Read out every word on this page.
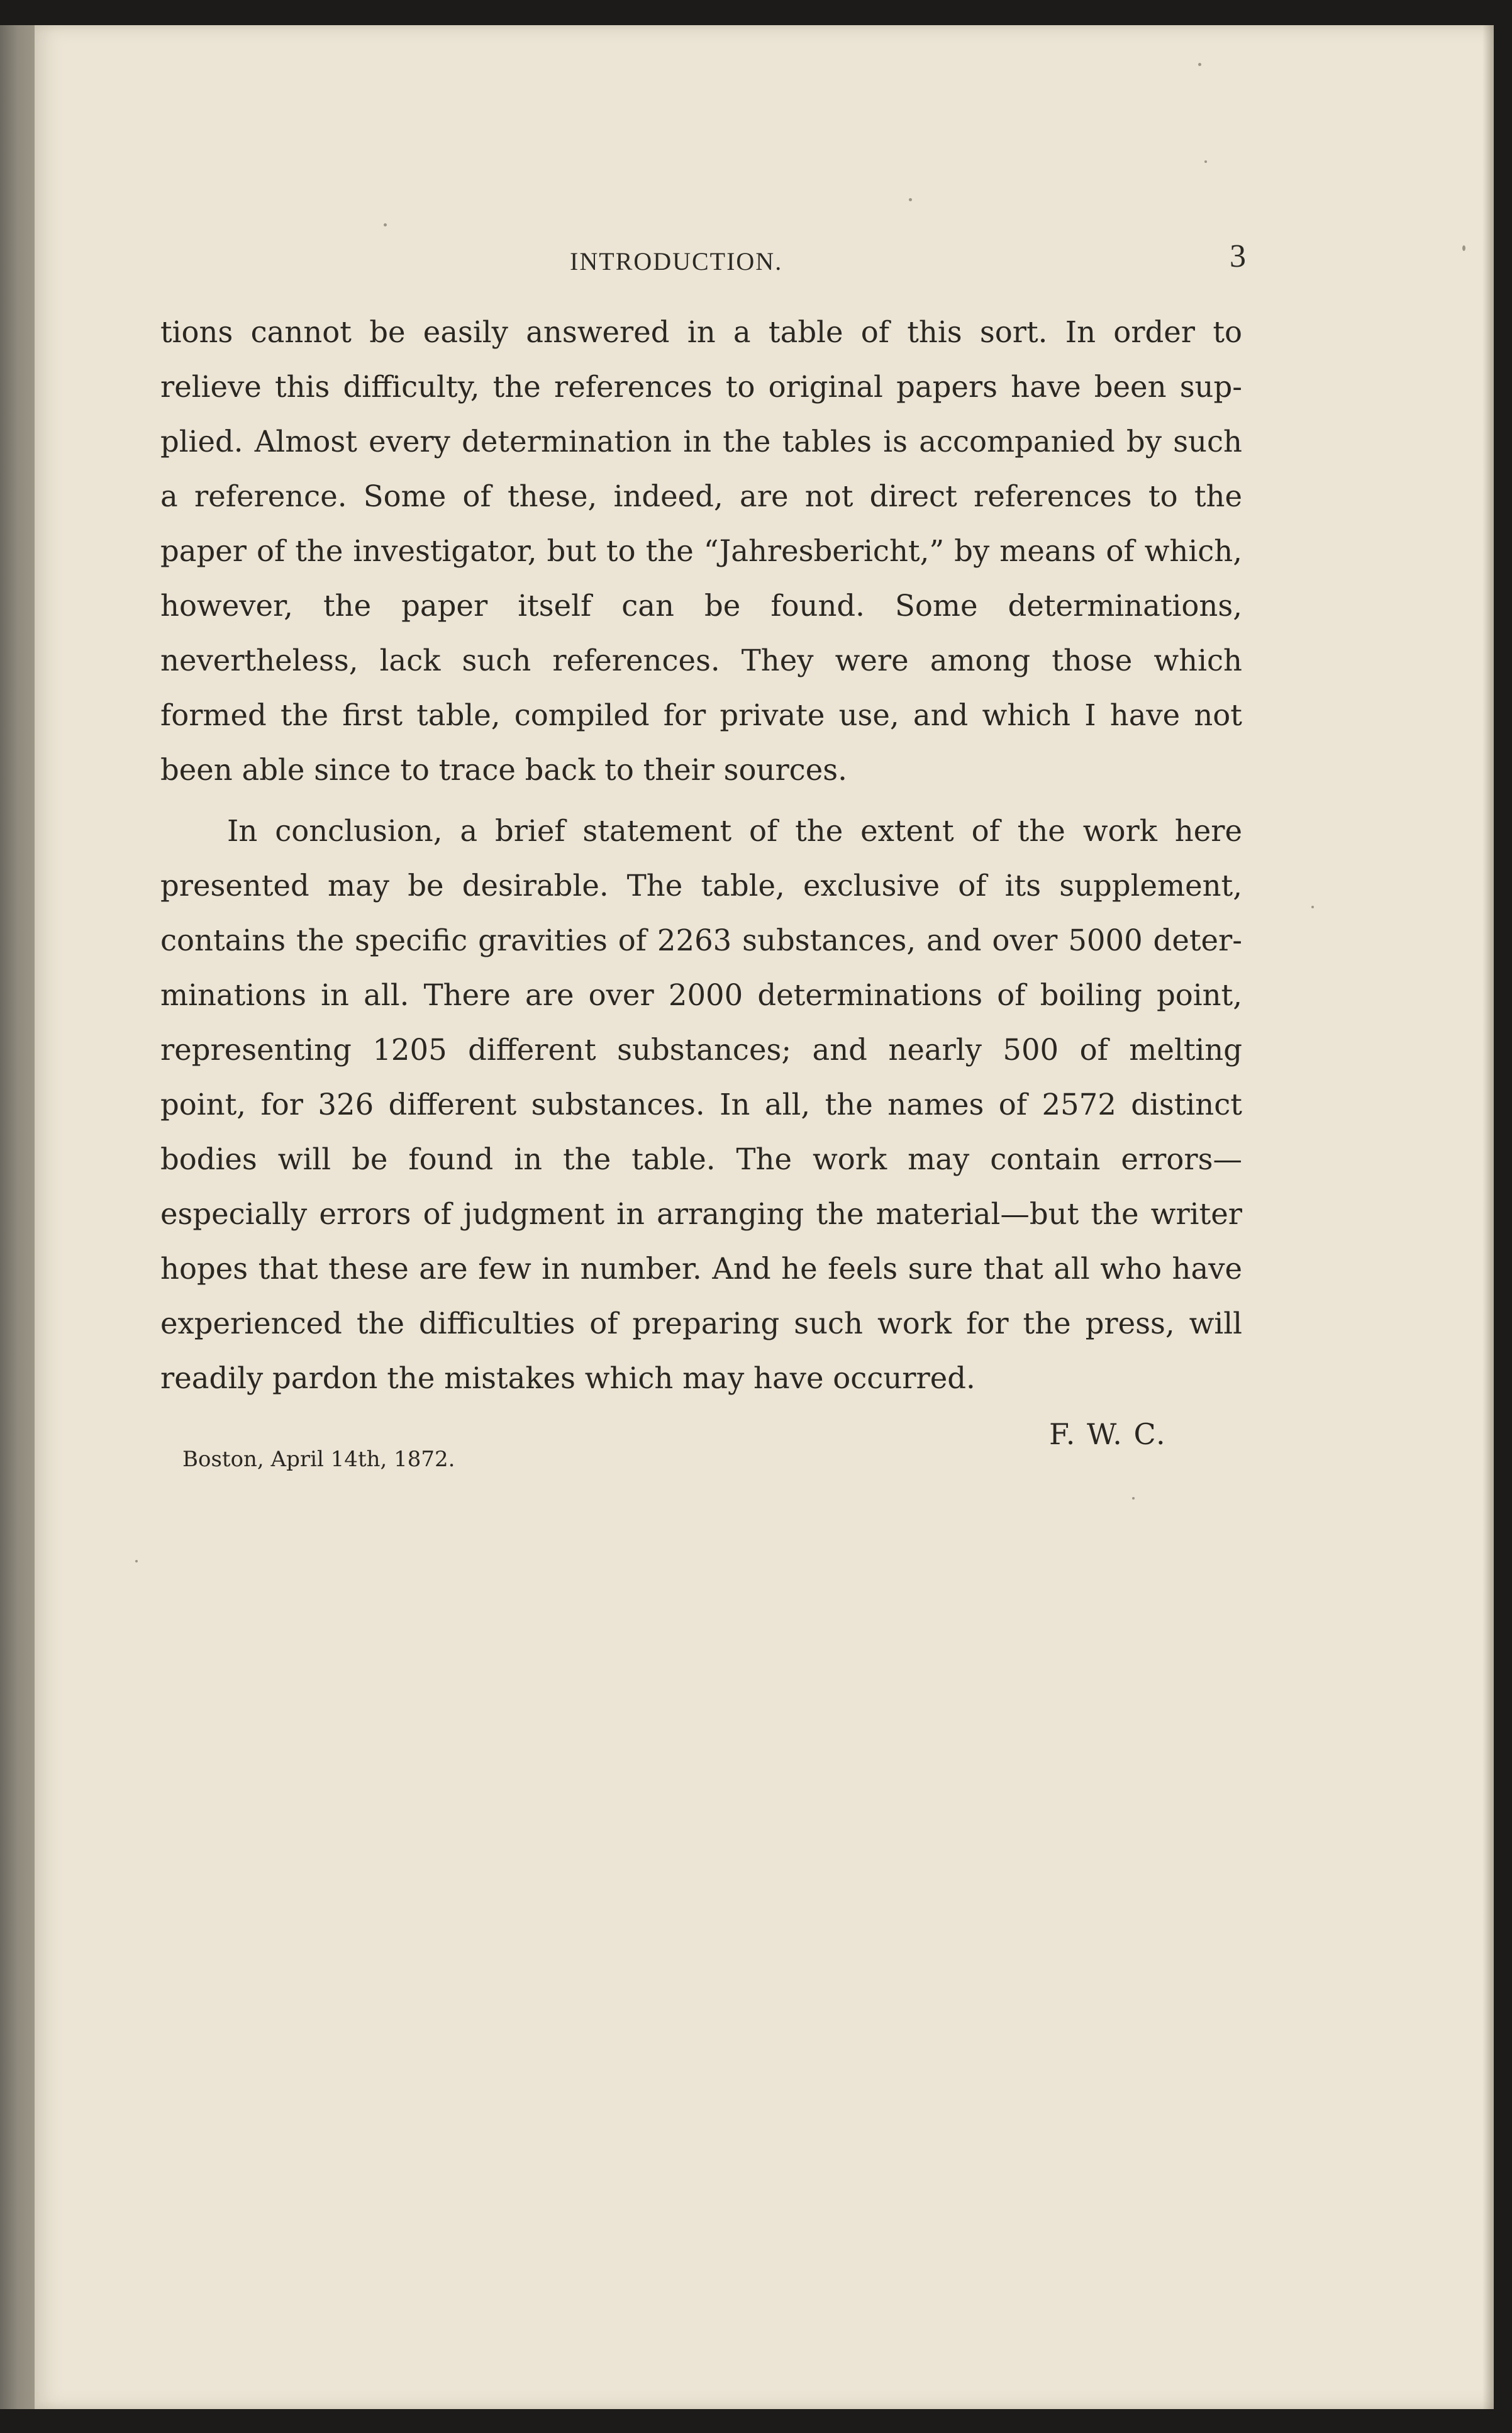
INTRODUCTION.	3

tions cannot be easily answered in a table of this sort. In order to relieve this difficulty, the references to original papers have been supplied. Almost every determination in the tables is accompanied by such a reference. Some of these, indeed, are not direct references to the paper of the investigator, but to the “Jahresbericht,” by means of which, however, the paper itself can be found. Some determinations, nevertheless, lack such references. They were among those which formed the first table, compiled for private use, and which I have not been able since to trace back to their sources.

In conclusion, a brief statement of the extent of the work here presented may be desirable. The table, exclusive of its supplement, contains the specific gravities of 2263 substances, and over 5000 determinations in all. There are over 2000 determinations of boiling point, representing 1205 different substances; and nearly 500 of melting point, for 326 different substances. In all, the names of 2572 distinct bodies will be found in the table. The work may contain errors—especially errors of judgment in arranging the material—but the writer hopes that these are few in number. And he feels sure that all who have experienced the difficulties of preparing such work for the press, will readily pardon the mistakes which may have occurred.

F. W. C.
Boston, April 14th, 1872.
